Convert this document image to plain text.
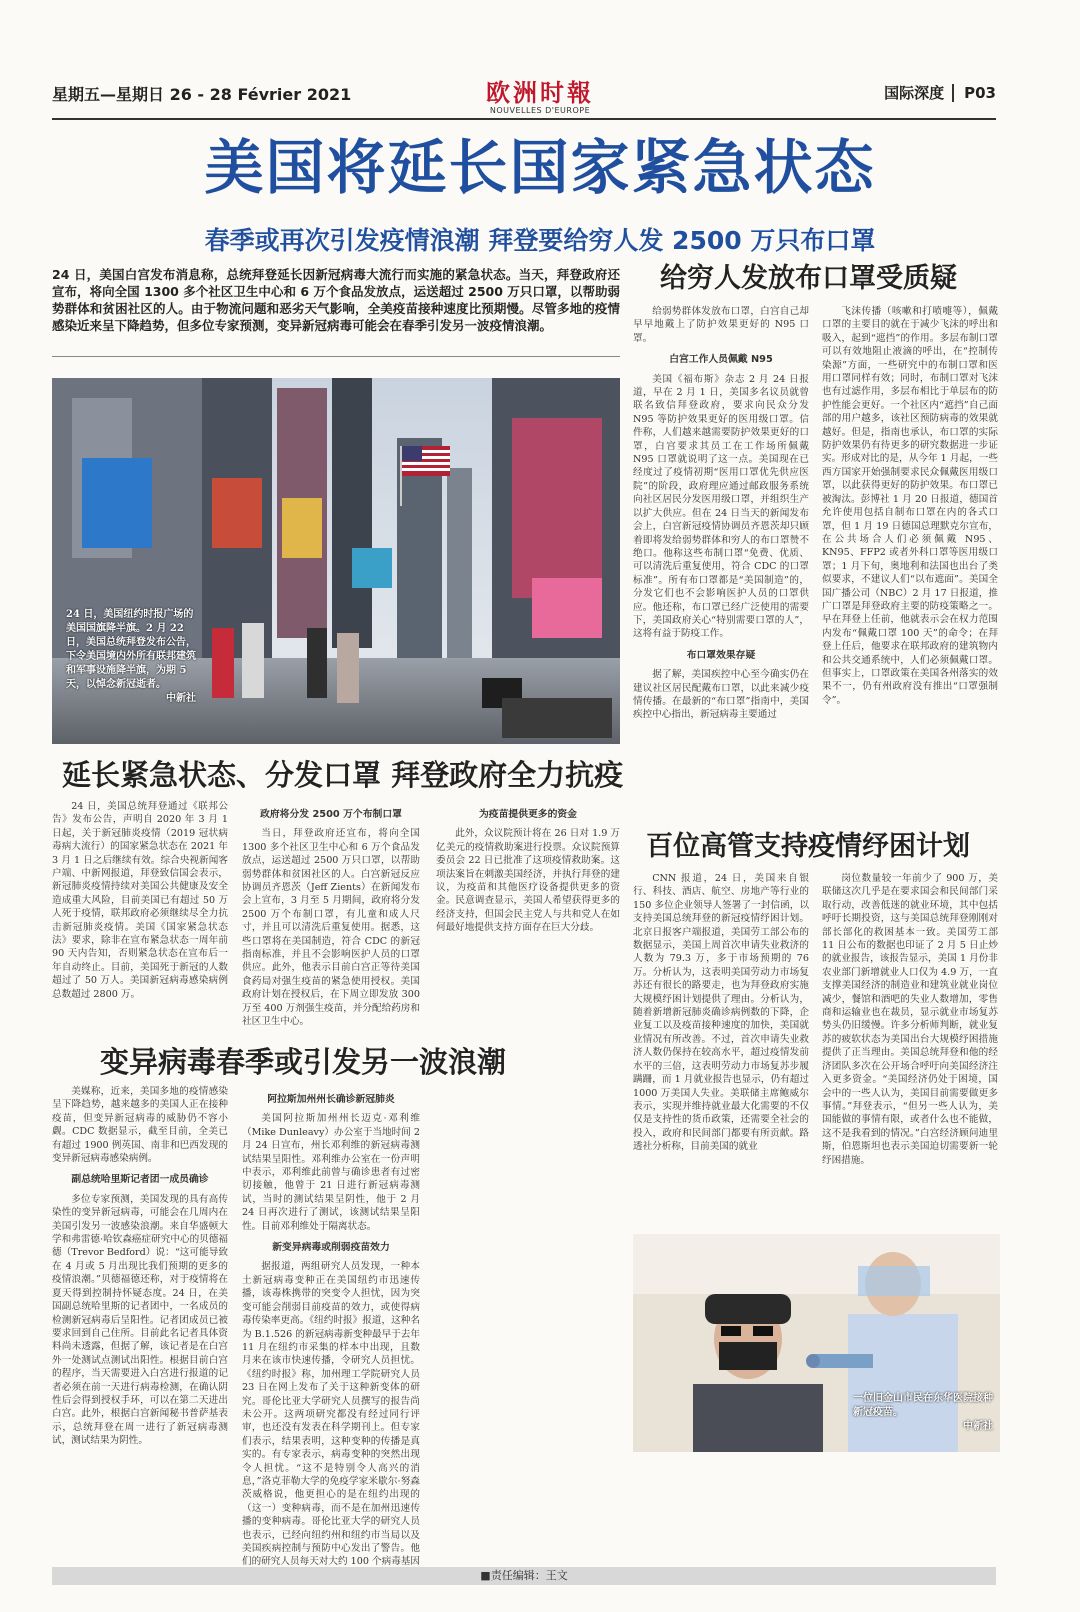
星期五—星期日 26 - 28 Février 2021	欧洲时報
NOUVELLES D'EUROPE
国际深度 P03
美国将延长国家紧急状态
春季或再次引发疫情浪潮 拜登要给穷人发 2500 万只布口罩
24 日，美国白宫发布消息称，总统拜登延长因新冠病毒大流行而实施的紧急状态。当天，拜登政府还宣布，将向全国 1300 多个社区卫生中心和 6 万个食品发放点，运送超过 2500 万只口罩，以帮助弱势群体和贫困社区的人。由于物流问题和恶劣天气影响，全美疫苗接种速度比预期慢。尽管多地的疫情感染近来呈下降趋势，但多位专家预测，变异新冠病毒可能会在春季引发另一波疫情浪潮。
24 日，美国纽约时报广场的美国国旗降半旗。2 月 22 日，美国总统拜登发布公告，下令美国境内外所有联邦建筑和军事设施降半旗，为期 5 天，以悼念新冠逝者。
中新社
延长紧急状态、分发口罩 拜登政府全力抗疫

24 日，美国总统拜登通过《联邦公告》发布公告，声明自 2020 年 3 月 1 日起，关于新冠肺炎疫情（2019 冠状病毒病大流行）的国家紧急状态在 2021 年 3 月 1 日之后继续有效。综合央视新闻客户端、中新网报道，拜登致信国会表示，新冠肺炎疫情持续对美国公共健康及安全造成重大风险，目前美国已有超过 50 万人死于疫情，联邦政府必须继续尽全力抗击新冠肺炎疫情。美国《国家紧急状态法》要求，除非在宣布紧急状态一周年前 90 天内告知，否则紧急状态在宣布后一年自动终止。目前，美国死于新冠的人数超过了 50 万人。美国新冠病毒感染病例总数超过 2800 万。

政府将分发 2500 万个布制口罩

当日，拜登政府还宣布，将向全国 1300 多个社区卫生中心和 6 万个食品发放点，运送超过 2500 万只口罩，以帮助弱势群体和贫困社区的人。白宫新冠反应协调员齐恩茨（Jeff Zients）在新闻发布会上宣布，3 月至 5 月期间，政府将分发 2500 万个布制口罩，有儿童和成人尺寸，并且可以清洗后重复使用。据悉，这些口罩将在美国制造，符合 CDC 的新冠指南标准，并且不会影响医护人员的口罩供应。此外，他表示目前白宫正等待美国食药局对强生疫苗的紧急使用授权。美国政府计划在授权后，在下周立即发放 300 万至 400 万剂强生疫苗，并分配给药房和社区卫生中心。

为疫苗提供更多的资金

此外，众议院预计将在 26 日对 1.9 万亿美元的疫情救助案进行投票。众议院预算委员会 22 日已批准了这项疫情救助案。这项法案旨在刺激美国经济，并执行拜登的建议，为疫苗和其他医疗设备提供更多的资金。民意调查显示，美国人希望获得更多的经济支持，但国会民主党人与共和党人在如何最好地提供支持方面存在巨大分歧。

变异病毒春季或引发另一波浪潮

美媒称，近来，美国多地的疫情感染呈下降趋势，越来越多的美国人正在接种疫苗，但变异新冠病毒的威胁仍不容小觑。CDC 数据显示，截至目前，全美已有超过 1900 例英国、南非和巴西发现的变异新冠病毒感染病例。

副总统哈里斯记者团一成员确诊

多位专家预测，美国发现的具有高传染性的变异新冠病毒，可能会在几周内在美国引发另一波感染浪潮。来自华盛顿大学和弗雷德·哈钦森癌症研究中心的贝德福德（Trevor Bedford）说：“这可能导致在 4 月或 5 月出现比我们预期的更多的疫情浪潮。”贝德福德还称，对于疫情将在夏天得到控制持怀疑态度。24 日，在美国副总统哈里斯的记者团中，一名成员的检测新冠病毒后呈阳性。记者团成员已被要求回到自己住所。目前此名记者具体资料尚未透露，但据了解，该记者是在白宫外一处测试点测试出阳性。根据目前白宫的程序，当天需要进入白宫进行报道的记者必须在前一天进行病毒检测，在确认阴性后会得到授权手环，可以在第二天进出白宫。此外，根据白宫新闻秘书普萨基表示，总统拜登在周一进行了新冠病毒测试，测试结果为阴性。

阿拉斯加州州长确诊新冠肺炎

美国阿拉斯加州州长迈克·邓利维（Mike Dunleavy）办公室于当地时间 2 月 24 日宣布，州长邓利维的新冠病毒测试结果呈阳性。邓利维办公室在一份声明中表示，邓利维此前曾与确诊患者有过密切接触，他曾于 21 日进行新冠病毒测试，当时的测试结果呈阴性，他于 2 月 24 日再次进行了测试，该测试结果呈阳性。目前邓利维处于隔离状态。

新变异病毒或削弱疫苗效力

据报道，两组研究人员发现，一种本土新冠病毒变种正在美国纽约市迅速传播，该毒株携带的突变令人担忧，因为突变可能会削弱目前疫苗的效力，或使得病毒传染率更高。《纽约时报》报道，这种名为 B.1.526 的新冠病毒新变种最早于去年 11 月在纽约市采集的样本中出现，且数月来在该市快速传播，令研究人员担忧。《纽约时报》称，加州理工学院研究人员 23 日在网上发布了关于这种新变体的研究。哥伦比亚大学研究人员撰写的报告尚未公开。这两项研究都没有经过同行评审，也还没有发表在科学期刊上。但专家们表示，结果表明，这种变种的传播是真实的。有专家表示，病毒变种的突然出现令人担忧。“这不是特别令人高兴的消息，”洛克菲勒大学的免疫学家米歇尔·努森茨威格说，他更担心的是在纽约出现的（这一）变种病毒，而不是在加州迅速传播的变种病毒。哥伦比亚大学的研究人员也表示，已经向纽约州和纽约市当局以及美国疾病控制与预防中心发出了警告。他们的研究人员每天对大约 100 个病毒基因

给穷人发放布口罩受质疑

给弱势群体发放布口罩，白宫自己却早早地戴上了防护效果更好的 N95 口罩。

白宫工作人员佩戴 N95

美国《福布斯》杂志 2 月 24 日报道，早在 2 月 1 日，美国多名议员就曾联名致信拜登政府，要求向民众分发 N95 等防护效果更好的医用级口罩。信件称，人们越来越需要防护效果更好的口罩，白宫要求其员工在工作场所佩戴 N95 口罩就说明了这一点。美国现在已经度过了疫情初期“医用口罩优先供应医院”的阶段，政府理应通过邮政服务系统向社区居民分发医用级口罩，并组织生产以扩大供应。但在 24 日当天的新闻发布会上，白宫新冠疫情协调员齐恩茨却只顾着即将发给弱势群体和穷人的布口罩赞不绝口。他称这些布制口罩“免费、优质、可以清洗后重复使用，符合 CDC 的口罩标准”。所有布口罩都是“美国制造”的，分发它们也不会影响医护人员的口罩供应。他还称，布口罩已经广泛使用的需要下，美国政府关心“特别需要口罩的人”，这将有益于防疫工作。

布口罩效果存疑

据了解，美国疾控中心至今确实仍在建议社区居民配戴布口罩，以此来减少疫情传播。在最新的“布口罩”指南中，美国疾控中心指出，新冠病毒主要通过

飞沫传播（咳嗽和打喷嚏等），佩戴口罩的主要目的就在于减少飞沫的呼出和吸入，起到“遮挡”的作用。多层布制口罩可以有效地阻止液滴的呼出，在“控制传染源”方面，一些研究中的布制口罩和医用口罩同样有效；同时，布制口罩对飞沫也有过滤作用，多层布相比于单层布的防护性能会更好。一个社区内“遮挡”自己面部的用户越多，该社区预防病毒的效果就越好。但是，指南也承认，布口罩的实际防护效果仍有待更多的研究数据进一步证实。形成对比的是，从今年 1 月起，一些西方国家开始强制要求民众佩戴医用级口罩，以此获得更好的防护效果。布口罩已被淘汰。彭博社 1 月 20 日报道，德国首允许使用包括自制布口罩在内的各式口罩，但 1 月 19 日德国总理默克尔宣布，在公共场合人们必须佩戴 N95、KN95、FFP2 或者外科口罩等医用级口罩；1 月下旬，奥地利和法国也出台了类似要求，不建议人们“以布遮面”。美国全国广播公司（NBC）2 月 17 日报道，推广口罩是拜登政府主要的防疫策略之一。早在拜登上任前，他就表示会在权力范围内发布“佩戴口罩 100 天”的命令；在拜登上任后，他要求在联邦政府的建筑物内和公共交通系统中，人们必须佩戴口罩。但事实上，口罩政策在美国各州落实的效果不一，仍有州政府没有推出“口罩强制令”。

百位高管支持疫情纾困计划

CNN 报道，24 日，美国来自银行、科技、酒店、航空、房地产等行业的 150 多位企业领导人签署了一封信函，以支持美国总统拜登的新冠疫情纾困计划。北京日报客户端报道，美国劳工部公布的数据显示，美国上周首次申请失业救济的人数为 79.3 万，多于市场预期的 76 万。分析认为，这表明美国劳动力市场复苏还有很长的路要走，也为拜登政府实施大规模纾困计划提供了理由。分析认为，随着新增新冠肺炎确诊病例数的下降，企业复工以及疫苗接种速度的加快，美国就业情况有所改善。不过，首次申请失业救济人数仍保持在较高水平，超过疫情发前水平的三倍，这表明劳动力市场复苏步履蹒跚，而 1 月就业报告也显示，仍有超过 1000 万美国人失业。美联储主席鲍威尔表示，实现并维持就业最大化需要的不仅仅是支持性的货币政策，还需要全社会的投入，政府和民间部门都要有所贡献。路透社分析称，目前美国的就业

岗位数量较一年前少了 900 万，美联储这次几乎是在要求国会和民间部门采取行动，改善低迷的就业环境，其中包括呼吁长期投资，这与美国总统拜登刚刚对部长部化的救困基本一致。美国劳工部 11 日公布的数据也印证了 2 月 5 日止炒的就业报告，该报告显示，美国 1 月份非农业部门新增就业人口仅为 4.9 万，一直支撑美国经济的制造业和建筑业就业岗位减少，餐馆和酒吧的失业人数增加，零售商和运输业也在裁员，显示就业市场复苏势头仍旧缓慢。许多分析师判断，就业复苏的疲软状态为美国出台大规模纾困措施提供了正当理由。美国总统拜登和他的经济团队多次在公开场合呼吁向美国经济注入更多资金。“美国经济仍处于困境，国会中的一些人认为，美国目前需要做更多事情。”拜登表示，“但另一些人认为，美国能做的事情有限，或者什么也不能做，这不是我看到的情况。”白宫经济顾问迪里斯，伯恩斯坦也表示美国迫切需要新一轮纾困措施。

一位旧金山市民在东华医院接种新冠疫苗。
中新社
■责任编辑：王文
